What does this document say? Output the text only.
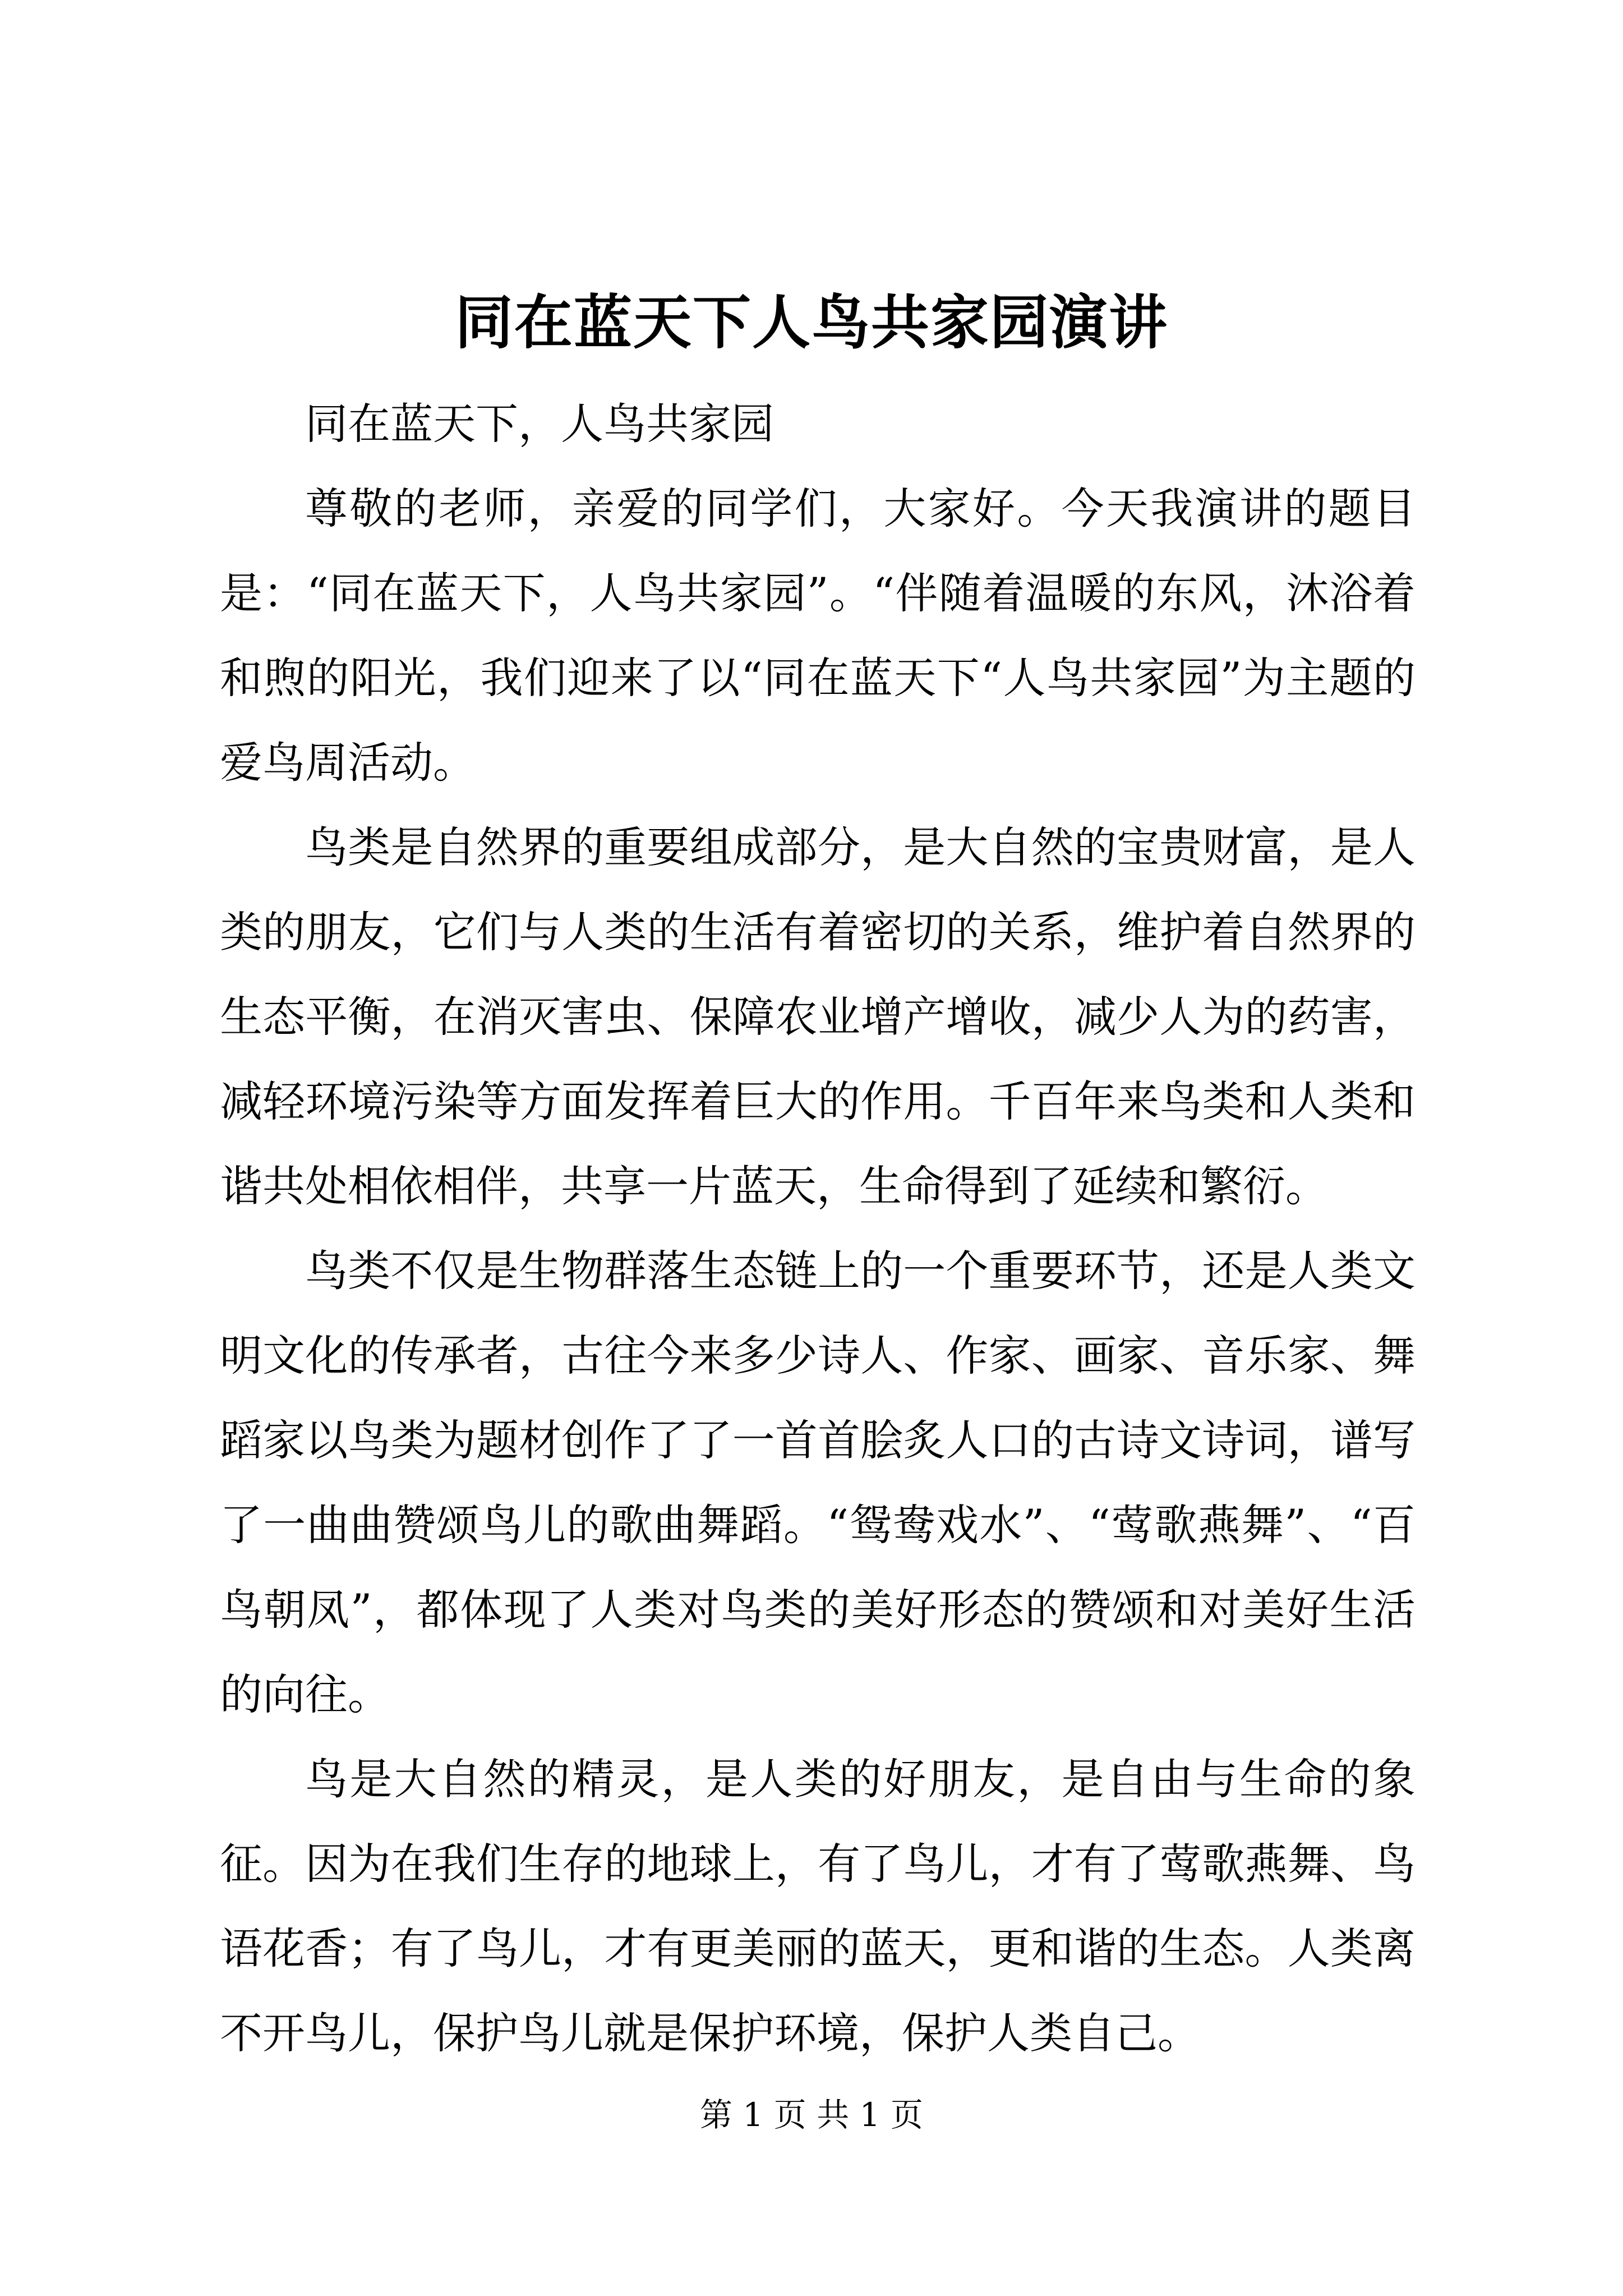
同在蓝天下人鸟共家园演讲

同在蓝天下，人鸟共家园

尊敬的老师，亲爱的同学们，大家好。今天我演讲的题目是：“同在蓝天下，人鸟共家园”。“伴随着温暖的东风，沐浴着和煦的阳光，我们迎来了以“同在蓝天下“人鸟共家园”为主题的爱鸟周活动。

鸟类是自然界的重要组成部分，是大自然的宝贵财富，是人类的朋友，它们与人类的生活有着密切的关系，维护着自然界的生态平衡，在消灭害虫、保障农业增产增收，减少人为的药害，减轻环境污染等方面发挥着巨大的作用。千百年来鸟类和人类和谐共处相依相伴，共享一片蓝天，生命得到了延续和繁衍。

鸟类不仅是生物群落生态链上的一个重要环节，还是人类文明文化的传承者，古往今来多少诗人、作家、画家、音乐家、舞蹈家以鸟类为题材创作了了一首首脍炙人口的古诗文诗词，谱写了一曲曲赞颂鸟儿的歌曲舞蹈。“鸳鸯戏水”、“莺歌燕舞”、“百鸟朝凤”，都体现了人类对鸟类的美好形态的赞颂和对美好生活的向往。

鸟是大自然的精灵，是人类的好朋友，是自由与生命的象征。因为在我们生存的地球上，有了鸟儿，才有了莺歌燕舞、鸟语花香；有了鸟儿，才有更美丽的蓝天，更和谐的生态。人类离不开鸟儿，保护鸟儿就是保护环境，保护人类自己。

第 1 页 共 1 页
